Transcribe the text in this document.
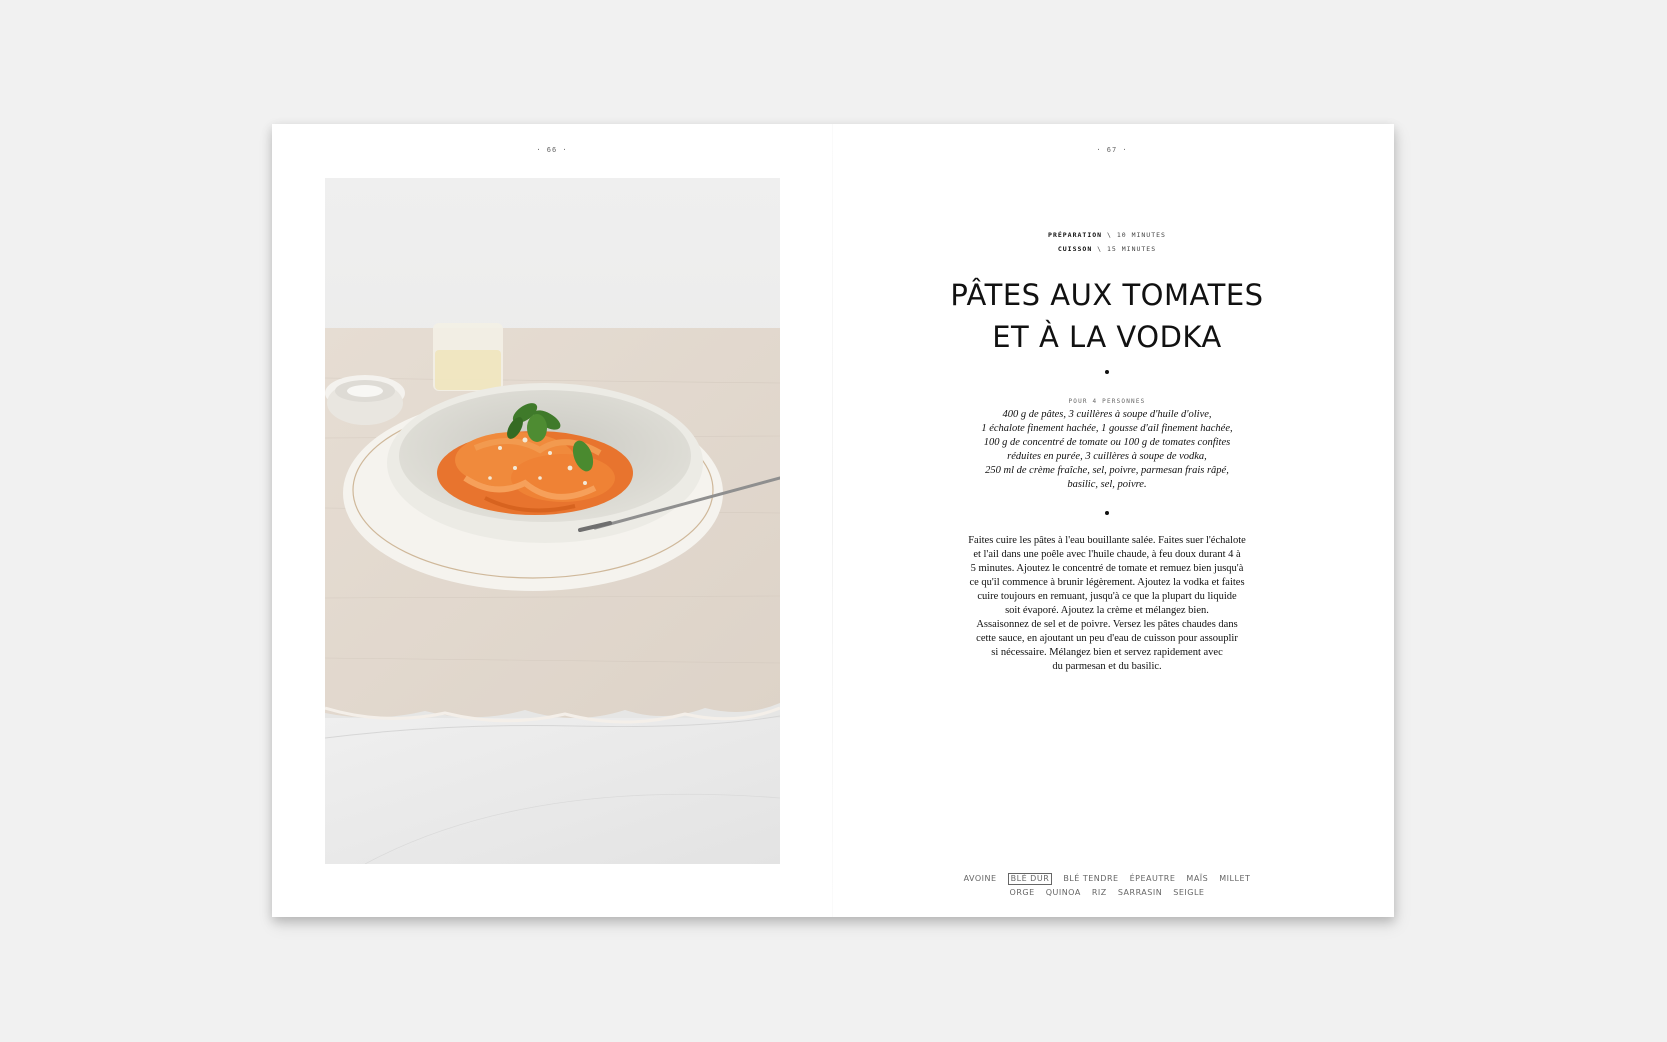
· 66 ·	· 67 ·
PRÉPARATION \ 10 MINUTES
CUISSON \ 15 MINUTES
PÂTES AUX TOMATES
ET À LA VODKA
POUR 4 PERSONNES
400 g de pâtes, 3 cuillères à soupe d'huile d'olive,
1 échalote finement hachée, 1 gousse d'ail finement hachée,
100 g de concentré de tomate ou 100 g de tomates confites
réduites en purée, 3 cuillères à soupe de vodka,
250 ml de crème fraîche, sel, poivre, parmesan frais râpé,
basilic, sel, poivre.
Faites cuire les pâtes à l'eau bouillante salée. Faites suer l'échalote
et l'ail dans une poêle avec l'huile chaude, à feu doux durant 4 à
5 minutes. Ajoutez le concentré de tomate et remuez bien jusqu'à
ce qu'il commence à brunir légèrement. Ajoutez la vodka et faites
cuire toujours en remuant, jusqu'à ce que la plupart du liquide
soit évaporé. Ajoutez la crème et mélangez bien.
Assaisonnez de sel et de poivre. Versez les pâtes chaudes dans
cette sauce, en ajoutant un peu d'eau de cuisson pour assouplir
si nécessaire. Mélangez bien et servez rapidement avec
du parmesan et du basilic.
AVOINE BLÉ DUR BLÉ TENDRE ÉPEAUTRE MAÏS MILLET
ORGE QUINOA RIZ SARRASIN SEIGLE
